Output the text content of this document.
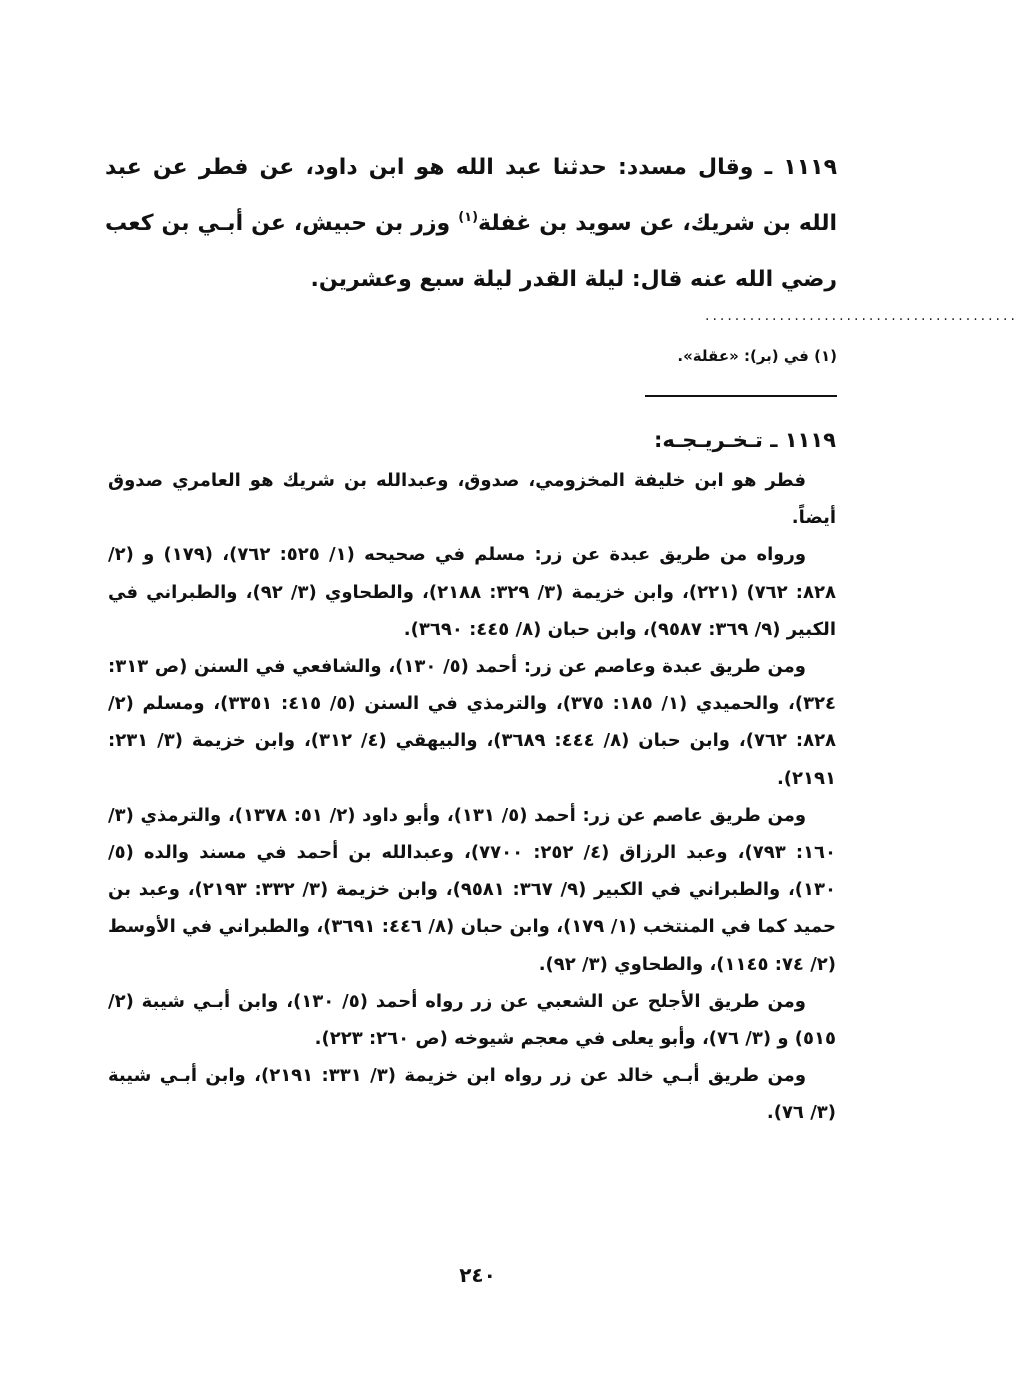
١١١٩ ـ وقال مسدد: حدثنا عبد الله هو ابن داود، عن فطر عن عبد الله بن شريك، عن سويد بن غفلة$^{(١)}$ وزر بن حبيش، عن أبـي بن كعب رضي الله عنه قال: ليلة القدر ليلة سبع وعشرين.

..........................................
(١) في (بر): «عقلة».

١١١٩ ـ تـخـريـجـه:

فطر هو ابن خليفة المخزومي، صدوق، وعبدالله بن شريك هو العامري صدوق أيضاً.

ورواه من طريق عبدة عن زر: مسلم في صحيحه (١/ ٥٢٥: ٧٦٢)، (١٧٩) و (٢/ ٨٢٨: ٧٦٢) (٢٢١)، وابن خزيمة (٣/ ٣٢٩: ٢١٨٨)، والطحاوي (٣/ ٩٢)، والطبراني في الكبير (٩/ ٣٦٩: ٩٥٨٧)، وابن حبان (٨/ ٤٤٥: ٣٦٩٠).

ومن طريق عبدة وعاصم عن زر: أحمد (٥/ ١٣٠)، والشافعي في السنن (ص ٣١٣: ٣٢٤)، والحميدي (١/ ١٨٥: ٣٧٥)، والترمذي في السنن (٥/ ٤١٥: ٣٣٥١)، ومسلم (٢/ ٨٢٨: ٧٦٢)، وابن حبان (٨/ ٤٤٤: ٣٦٨٩)، والبيهقي (٤/ ٣١٢)، وابن خزيمة (٣/ ٢٣١: ٢١٩١).

ومن طريق عاصم عن زر: أحمد (٥/ ١٣١)، وأبو داود (٢/ ٥١: ١٣٧٨)، والترمذي (٣/ ١٦٠: ٧٩٣)، وعبد الرزاق (٤/ ٢٥٢: ٧٧٠٠)، وعبدالله بن أحمد في مسند والده (٥/ ١٣٠)، والطبراني في الكبير (٩/ ٣٦٧: ٩٥٨١)، وابن خزيمة (٣/ ٣٣٢: ٢١٩٣)، وعبد بن حميد كما في المنتخب (١/ ١٧٩)، وابن حبان (٨/ ٤٤٦: ٣٦٩١)، والطبراني في الأوسط (٢/ ٧٤: ١١٤٥)، والطحاوي (٣/ ٩٢).

ومن طريق الأجلح عن الشعبي عن زر رواه أحمد (٥/ ١٣٠)، وابن أبـي شيبة (٢/ ٥١٥) و (٣/ ٧٦)، وأبو يعلى في معجم شيوخه (ص ٢٦٠: ٢٢٣).

ومن طريق أبـي خالد عن زر رواه ابن خزيمة (٣/ ٣٣١: ٢١٩١)، وابن أبـي شيبة (٣/ ٧٦).

٢٤٠
